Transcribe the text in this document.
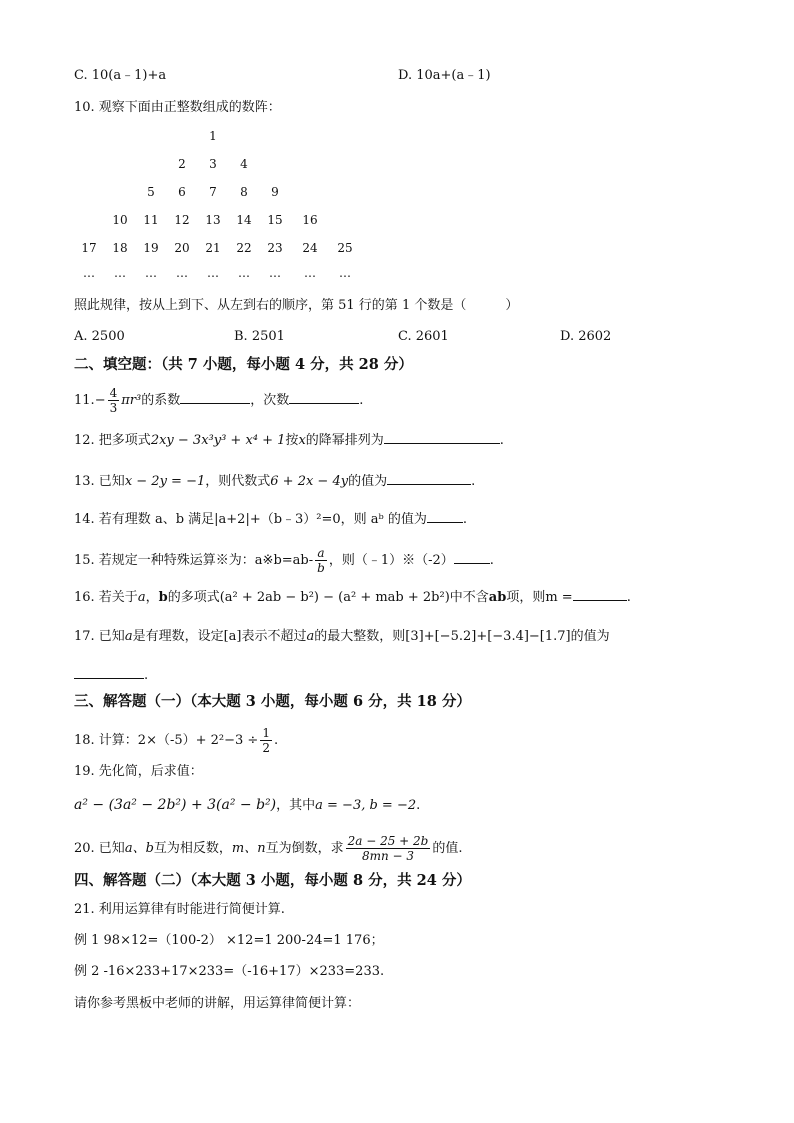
C. 10(a﹣1)+a	D. 10a+(a﹣1)
10. 观察下面由正整数组成的数阵：
1
2	3	4
5	6	7	8	9
10	11	12	13	14	15	16
17	18	19	20	21	22	23	24	25
…	…	…	…	…	…	…	…	…
照此规律，按从上到下、从左到右的顺序，第 51 行的第 1 个数是（　　　）
A. 2500	B. 2501	C. 2601	D. 2602
二、填空题：（共 7 小题，每小题 4 分，共 28 分）
$11.- \frac{4}{3} \pi r^3$的系数	，次数	.
12. 把多项式2xy − 3x³y³ + x⁴ + 1按x的降幂排列为	.
13. 已知x − 2y = −1，则代数式6 + 2x − 4y的值为	.
14. 若有理数 a、b 满足|a+2|+（b﹣3）²=0，则 aᵇ 的值为	.
15. 若规定一种特殊运算※为：a※b=ab- $\frac{a}{b}$ ，则（﹣1）※（-2）	.
16. 若关于a，b的多项式(a² + 2ab − b²) − (a² + mab + 2b²)中不含ab项，则m =	.
17. 已知a是有理数，设定[a]表示不超过a的最大整数，则[3]+[−5.2]+[−3.4]−[1.7]的值为
.
三、解答题（一）（本大题 3 小题，每小题 6 分，共 18 分）
18. 计算：$2\times(-5)+ 2^2-3 \div \frac{1}{2}$ .
19. 先化简，后求值：
a² − (3a² − 2b²) + 3(a² − b²)，其中a = −3, b = −2.
20. 已知a、b互为相反数，m、n互为倒数，求 $\frac{2a - 25 + 2b}{8mn - 3}$ 的值.
四、解答题（二）（本大题 3 小题，每小题 8 分，共 24 分）
21. 利用运算律有时能进行简便计算.
例 1 98×12=（100-2） ×12=1 200-24=1 176；
例 2 -16×233+17×233=（-16+17）×233=233.
请你参考黑板中老师的讲解，用运算律简便计算：
